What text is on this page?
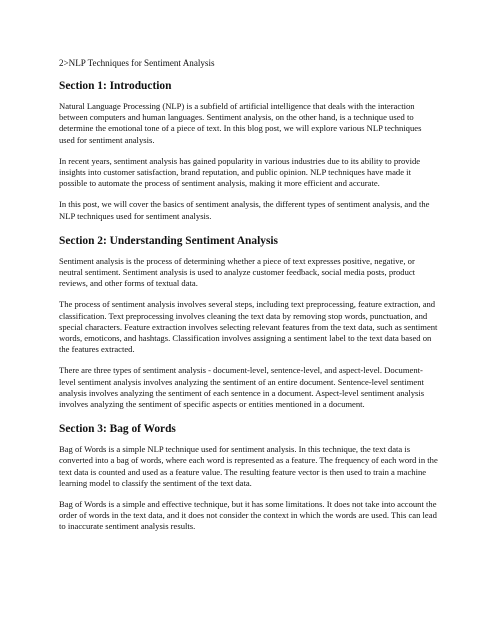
2>NLP Techniques for Sentiment Analysis
Section 1: Introduction

Natural Language Processing (NLP) is a subfield of artificial intelligence that deals with the interaction between computers and human languages. Sentiment analysis, on the other hand, is a technique used to determine the emotional tone of a piece of text. In this blog post, we will explore various NLP techniques used for sentiment analysis.

In recent years, sentiment analysis has gained popularity in various industries due to its ability to provide insights into customer satisfaction, brand reputation, and public opinion. NLP techniques have made it possible to automate the process of sentiment analysis, making it more efficient and accurate.

In this post, we will cover the basics of sentiment analysis, the different types of sentiment analysis, and the NLP techniques used for sentiment analysis.

Section 2: Understanding Sentiment Analysis

Sentiment analysis is the process of determining whether a piece of text expresses positive, negative, or neutral sentiment. Sentiment analysis is used to analyze customer feedback, social media posts, product reviews, and other forms of textual data.

The process of sentiment analysis involves several steps, including text preprocessing, feature extraction, and classification. Text preprocessing involves cleaning the text data by removing stop words, punctuation, and special characters. Feature extraction involves selecting relevant features from the text data, such as sentiment words, emoticons, and hashtags. Classification involves assigning a sentiment label to the text data based on the features extracted.

There are three types of sentiment analysis - document-level, sentence-level, and aspect-level. Document-level sentiment analysis involves analyzing the sentiment of an entire document. Sentence-level sentiment analysis involves analyzing the sentiment of each sentence in a document. Aspect-level sentiment analysis involves analyzing the sentiment of specific aspects or entities mentioned in a document.

Section 3: Bag of Words

Bag of Words is a simple NLP technique used for sentiment analysis. In this technique, the text data is converted into a bag of words, where each word is represented as a feature. The frequency of each word in the text data is counted and used as a feature value. The resulting feature vector is then used to train a machine learning model to classify the sentiment of the text data.

Bag of Words is a simple and effective technique, but it has some limitations. It does not take into account the order of words in the text data, and it does not consider the context in which the words are used. This can lead to inaccurate sentiment analysis results.
